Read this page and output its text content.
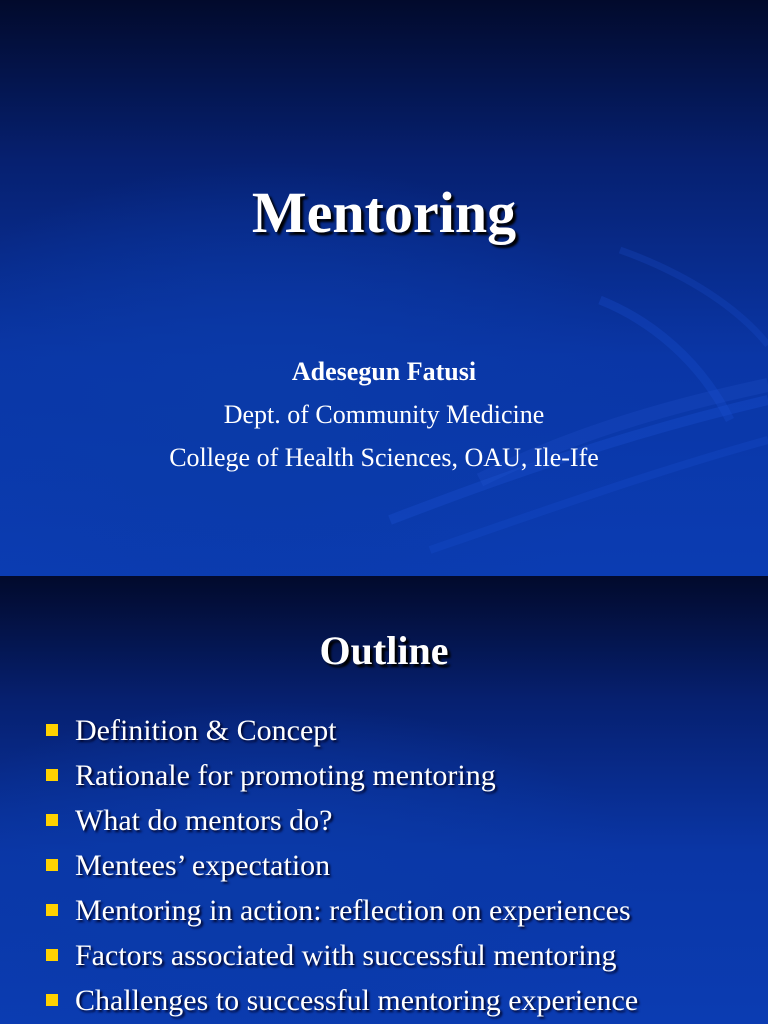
Mentoring
Adesegun Fatusi
Dept. of Community Medicine
College of Health Sciences, OAU, Ile-Ife
Outline
Definition & Concept
Rationale for promoting mentoring
What do mentors do?
Mentees’ expectation
Mentoring in action: reflection on experiences
Factors associated with successful mentoring
Challenges to successful mentoring experience
